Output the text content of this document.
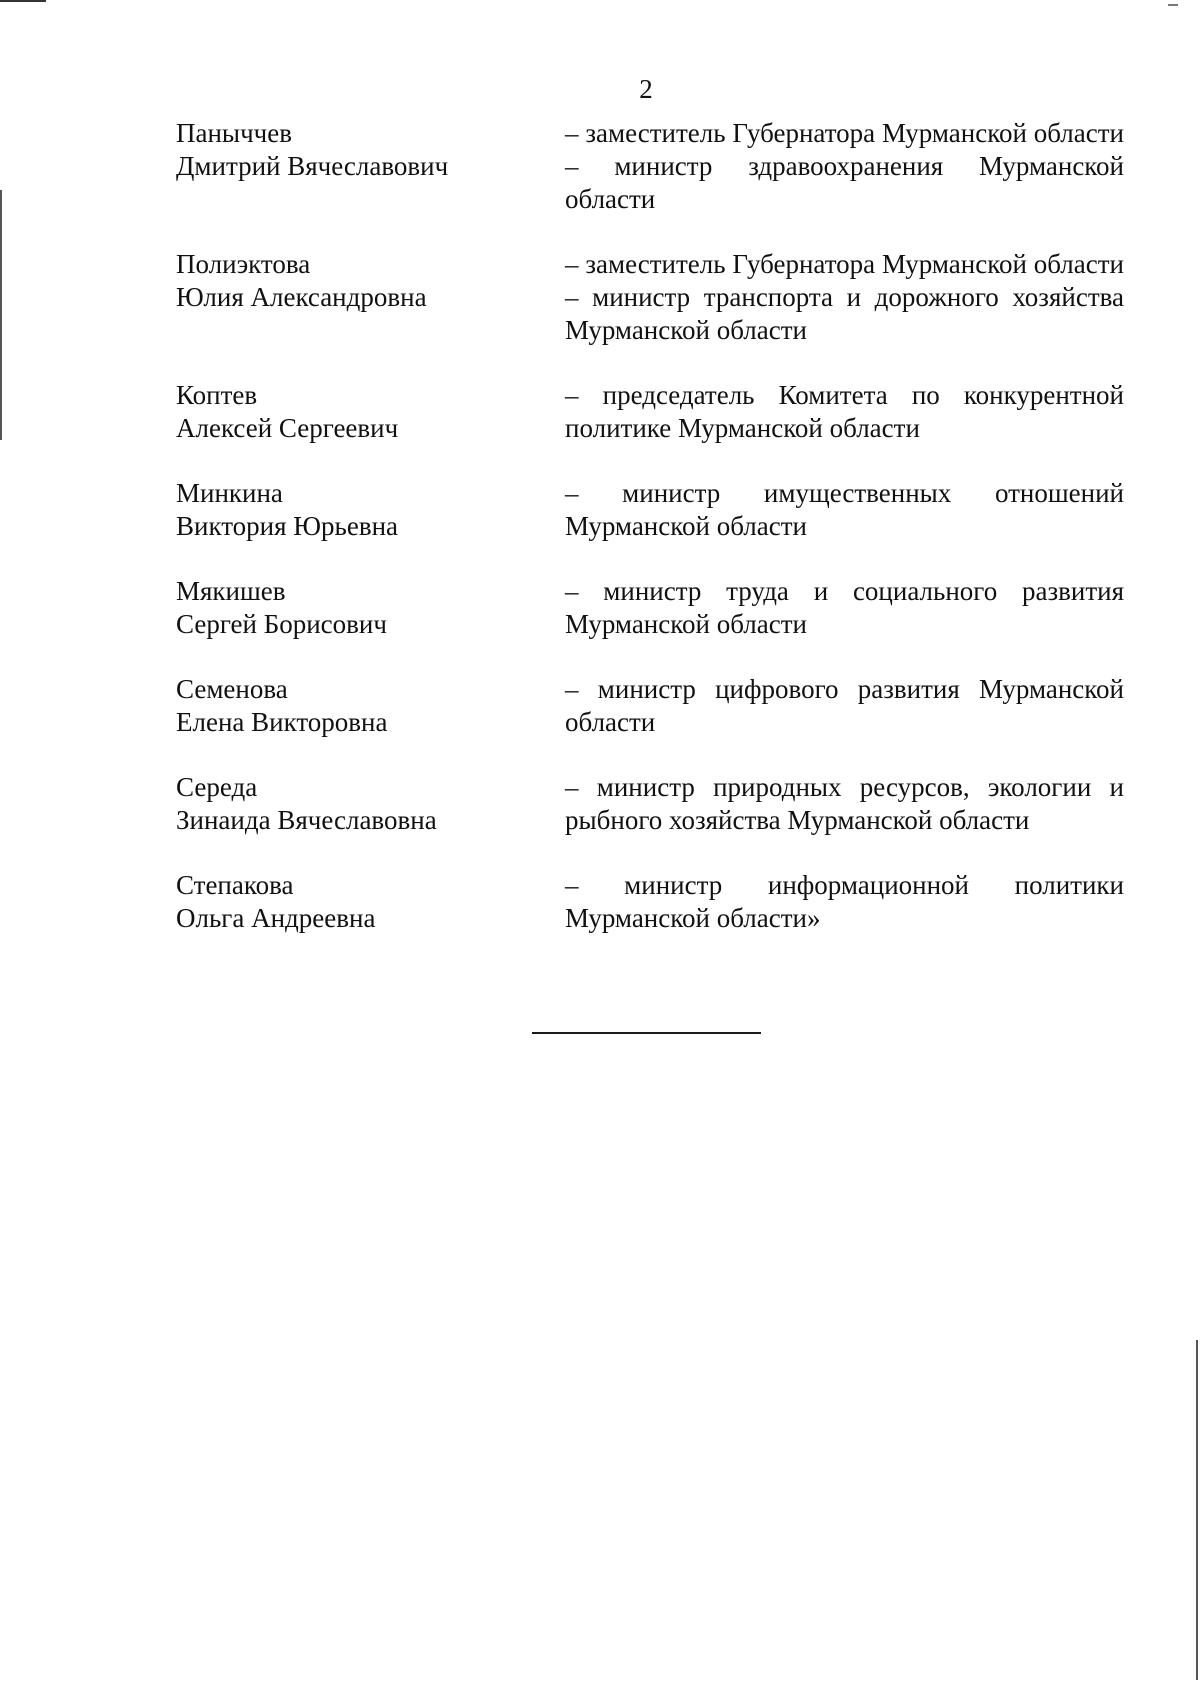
2
Паныччев
Дмитрий Вячеславович
– заместитель Губернатора Мурманской области – министр здравоохранения Мурманской области
Полиэктова
Юлия Александровна
– заместитель Губернатора Мурманской области – министр транспорта и дорожного хозяйства Мурманской области
Коптев
Алексей Сергеевич
– председатель Комитета по конкурентной политике Мурманской области
Минкина
Виктория Юрьевна
– министр имущественных отношений Мурманской области
Мякишев
Сергей Борисович
– министр труда и социального развития Мурманской области
Семенова
Елена Викторовна
– министр цифрового развития Мурманской области
Середа
Зинаида Вячеславовна
– министр природных ресурсов, экологии и рыбного хозяйства Мурманской области
Степакова
Ольга Андреевна
– министр информационной политики Мурманской области»
